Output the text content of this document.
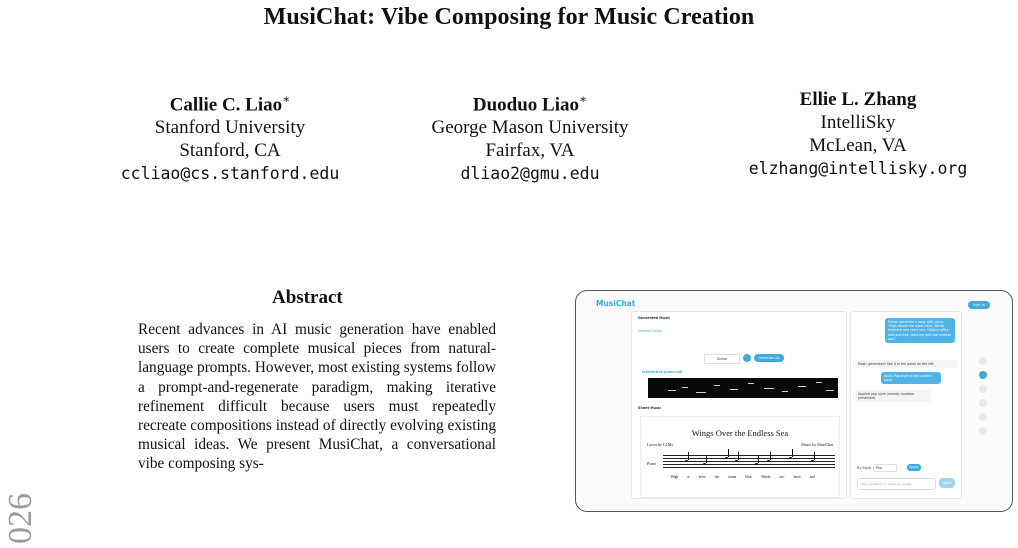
MusiChat: Vibe Composing for Music Creation
Callie C. Liao∗
Stanford University
Stanford, CA
ccliao@cs.stanford.edu
Duoduo Liao∗
George Mason University
Fairfax, VA
dliao2@gmu.edu
Ellie L. Zhang
IntelliSky
McLean, VA
elzhang@intellisky.org
Abstract

Recent advances in AI music generation have enabled users to create complete musical pieces from natural-language prompts. However, most existing systems follow a prompt-and-regenerate paradigm, making iterative refinement difficult because users must repeatedly recreate compositions instead of directly evolving existing musical ideas. We present MusiChat, a conversational vibe composing sys-

026
MusiChat	Sign In
Generated Music
Untitled Song ›
Guitar	Generate Alt
Interactive piano roll
Sheet Music
Wings Over the Endless Sea
Lyrics by LLMs	Music by MusiChat
Piano
High a- bove the ocean blue, Winds are- bove and
Please generate a song with lyrics: "High above the ocean blue, Winds embrace and carry you, Gliding softly, wild and free, Dancing with the endless sea."
Music generated! See it in the panel on the left.
Apply Pop style to the current song.
Applied pop style (melody duration preserved).
By Style	Pop	Apply
Ask a question or paste an image	Send
